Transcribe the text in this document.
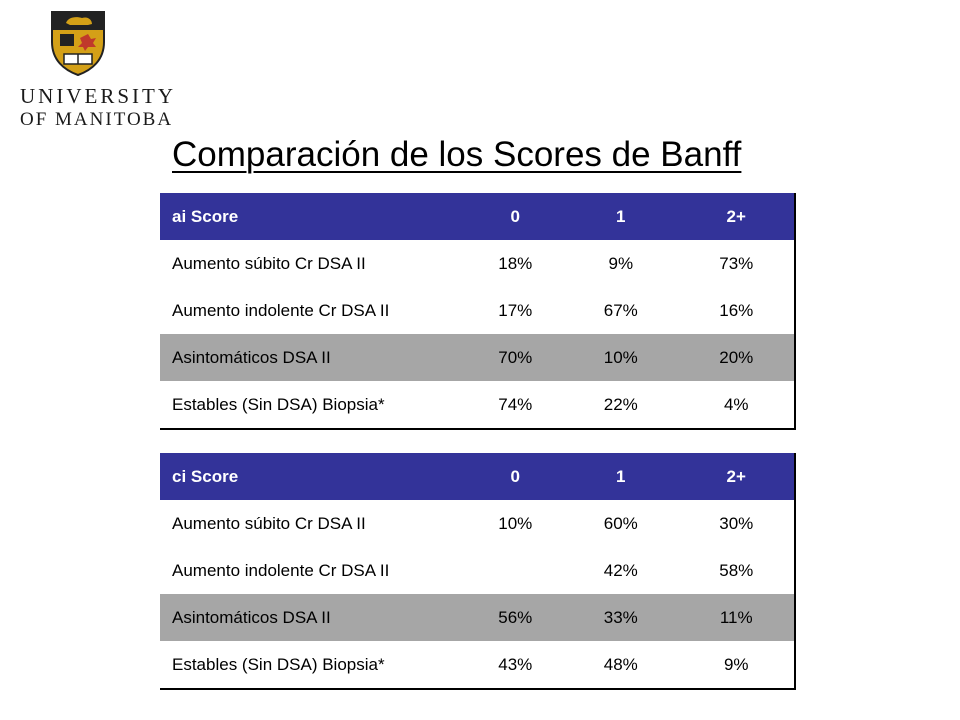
UNIVERSITY
OF MANITOBA
Comparación de los Scores de Banff
ai Score	0	1	2+
Aumento súbito Cr DSA II	18%	9%	73%
Aumento indolente Cr DSA II	17%	67%	16%
Asintomáticos DSA II	70%	10%	20%
Estables (Sin DSA) Biopsia*	74%	22%	4%
ci Score	0	1	2+
Aumento súbito Cr DSA II	10%	60%	30%
Aumento indolente Cr DSA II		42%	58%
Asintomáticos DSA II	56%	33%	11%
Estables (Sin DSA) Biopsia*	43%	48%	9%
